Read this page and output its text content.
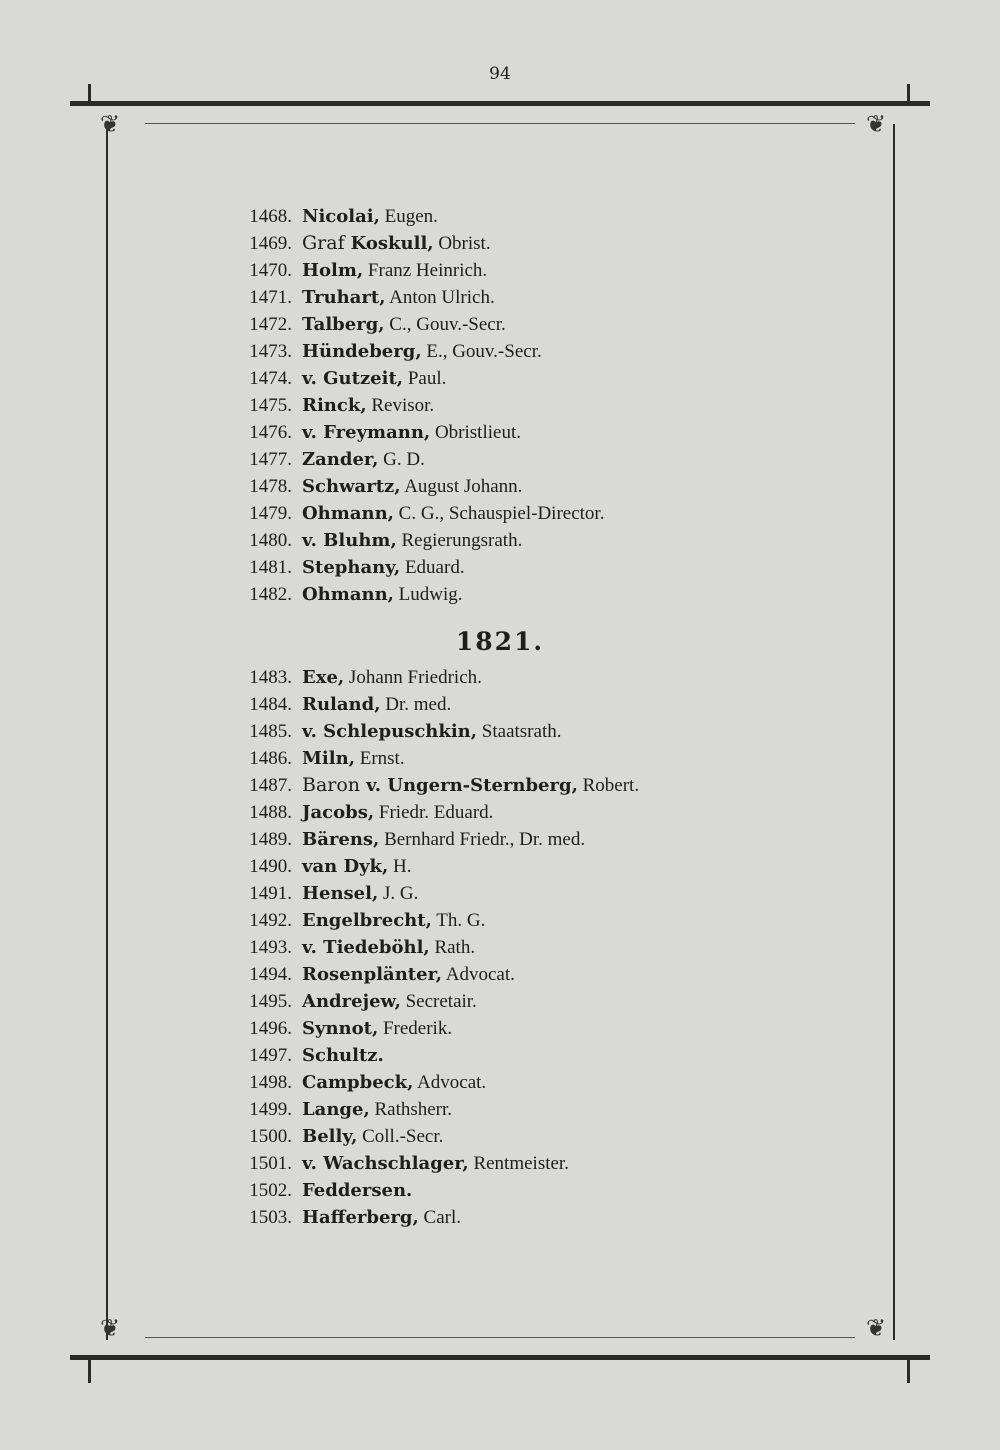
94
❦	❦
❦	❦
1468. Nicolai, Eugen.
1469. Graf Koskull, Obrist.
1470. Holm, Franz Heinrich.
1471. Truhart, Anton Ulrich.
1472. Talberg, C., Gouv.-Secr.
1473. Hündeberg, E., Gouv.-Secr.
1474. v. Gutzeit, Paul.
1475. Rinck, Revisor.
1476. v. Freymann, Obristlieut.
1477. Zander, G. D.
1478. Schwartz, August Johann.
1479. Ohmann, C. G., Schauspiel-Director.
1480. v. Bluhm, Regierungsrath.
1481. Stephany, Eduard.
1482. Ohmann, Ludwig.
1821.
1483. Exe, Johann Friedrich.
1484. Ruland, Dr. med.
1485. v. Schlepuschkin, Staatsrath.
1486. Miln, Ernst.
1487. Baron v. Ungern-Sternberg, Robert.
1488. Jacobs, Friedr. Eduard.
1489. Bärens, Bernhard Friedr., Dr. med.
1490. van Dyk, H.
1491. Hensel, J. G.
1492. Engelbrecht, Th. G.
1493. v. Tiedeböhl, Rath.
1494. Rosenplänter, Advocat.
1495. Andrejew, Secretair.
1496. Synnot, Frederik.
1497. Schultz.
1498. Campbeck, Advocat.
1499. Lange, Rathsherr.
1500. Belly, Coll.-Secr.
1501. v. Wachschlager, Rentmeister.
1502. Feddersen.
1503. Hafferberg, Carl.
